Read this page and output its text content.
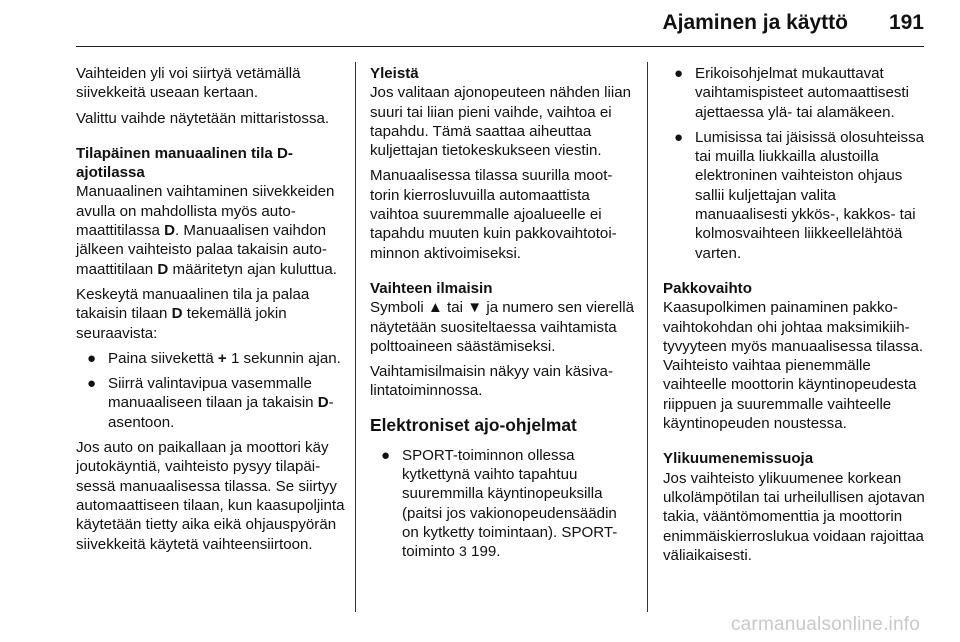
Ajaminen ja käyttö 191

Vaihteiden yli voi siirtyä vetämällä siivekkeitä useaan kertaan.

Valittu vaihde näytetään mittaristossa.

Tilapäinen manuaalinen tila D-ajotilassa

Manuaalinen vaihtaminen siivekkeiden avulla on mahdollista myös automaattitilassa D. Manuaalisen vaihdon jälkeen vaihteisto palaa takaisin automaattitilaan D määritetyn ajan kuluttua.

Keskeytä manuaalinen tila ja palaa takaisin tilaan D tekemällä jokin seuraavista:

● Paina siivekettä + 1 sekunnin ajan.
● Siirrä valintavipua vasemmalle manuaaliseen tilaan ja takaisin D-asentoon.

Jos auto on paikallaan ja moottori käy joutokäyntiä, vaihteisto pysyy tilapäisessä manuaalisessa tilassa. Se siirtyy automaattiseen tilaan, kun kaasupoljinta käytetään tietty aika eikä ohjauspyörän siivekkeitä käytetä vaihteensiirtoon.

Yleistä

Jos valitaan ajonopeuteen nähden liian suuri tai liian pieni vaihde, vaihtoa ei tapahdu. Tämä saattaa aiheuttaa kuljettajan tietokeskukseen viestin.

Manuaalisessa tilassa suurilla moottorin kierrosluvuilla automaattista vaihtoa suuremmalle ajoalueelle ei tapahdu muuten kuin pakkovaihtotoiminnon aktivoimiseksi.

Vaihteen ilmaisin

Symboli ▲ tai ▼ ja numero sen vierellä näytetään suositeltaessa vaihtamista polttoaineen säästämiseksi.

Vaihtamisilmaisin näkyy vain käsivalintatoiminnossa.

Elektroniset ajo-ohjelmat

● SPORT-toiminnon ollessa kytkettynä vaihto tapahtuu suuremmilla käyntinopeuksilla (paitsi jos vakionopeudensäädin on kytketty toimintaan). SPORT-toiminto 3 199.
● Erikoisohjelmat mukauttavat vaihtamispisteet automaattisesti ajettaessa ylä- tai alamäkeen.
● Lumisissa tai jäisissä olosuhteissa tai muilla liukkailla alustoilla elektroninen vaihteiston ohjaus sallii kuljettajan valita manuaalisesti ykkös-, kakkos- tai kolmosvaihteen liikkeellelähtöä varten.

Pakkovaihto

Kaasupolkimen painaminen pakkovaihtokohdan ohi johtaa maksimikiihtyvyyteen myös manuaalisessa tilassa. Vaihteisto vaihtaa pienemmälle vaihteelle moottorin käyntinopeudesta riippuen ja suuremmalle vaihteelle käyntinopeuden noustessa.

Ylikuumenemissuoja

Jos vaihteisto ylikuumenee korkean ulkolämpötilan tai urheilullisen ajotavan takia, vääntömomenttia ja moottorin enimmäiskierroslukua voidaan rajoittaa väliaikaisesti.

carmanualsonline.info
